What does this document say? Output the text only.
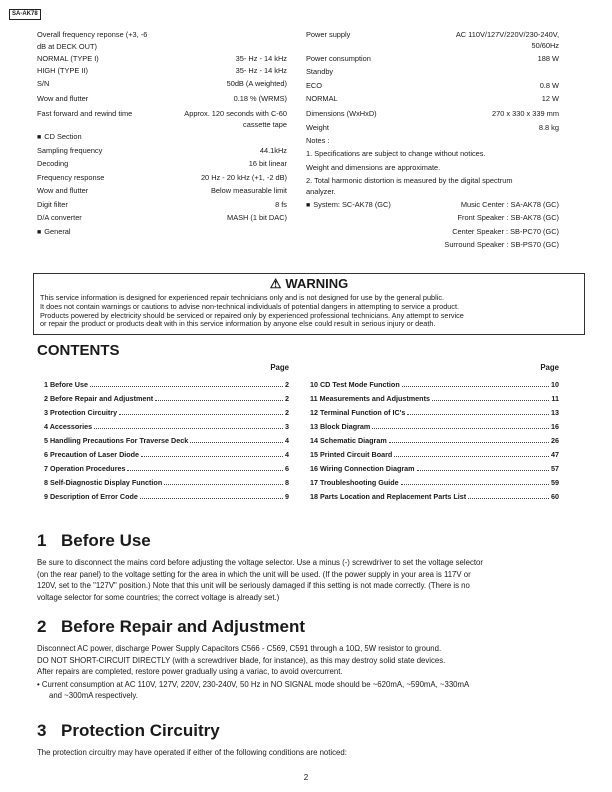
SA-AK78
Overall frequency reponse (+3, -6
dB at DECK OUT)
NORMAL (TYPE I)	35- Hz - 14 kHz
HIGH (TYPE II)	35- Hz - 14 kHz
S/N	50dB (A weighted)
Wow and flutter	0.18 % (WRMS)
Fast forward and rewind time	Approx. 120 seconds with C-60
cassette tape
■ CD Section
Sampling frequency	44.1kHz
Decoding	16 bit linear
Frequency response	20 Hz - 20 kHz (+1, -2 dB)
Wow and flutter	Below measurable limit
Digit filter	8 fs
D/A converter	MASH (1 bit DAC)
■ General
Power supply	AC 110V/127V/220V/230-240V,
50/60Hz
Power consumption	188 W
Standby
ECO	0.8 W
NORMAL	12 W
Dimensions (WxHxD)	270 x 330 x 339 mm
Weight	8.8 kg
Notes :
1. Specifications are subject to change without notices.
Weight and dimensions are approximate.
2. Total harmonic distortion is measured by the digital spectrum
analyzer.
■ System: SC-AK78 (GC)	Music Center : SA-AK78 (GC)
Front Speaker : SB-AK78 (GC)
Center Speaker : SB-PC70 (GC)
Surround Speaker : SB-PS70 (GC)
⚠ WARNING
This service information is designed for experienced repair technicians only and is not designed for use by the general public.
It does not contain warnings or cautions to advise non-technical individuals of potential dangers in attempting to service a product.
Products powered by electricity should be serviced or repaired only by experienced professional technicians. Any attempt to service
or repair the product or products dealt with in this service information by anyone else could result in serious injury or death.
CONTENTS
Page	Page
1 Before Use	2
2 Before Repair and Adjustment	2
3 Protection Circuitry	2
4 Accessories	3
5 Handling Precautions For Traverse Deck	4
6 Precaution of Laser Diode	4
7 Operation Procedures	6
8 Self-Diagnostic Display Function	8
9 Description of Error Code	9
10 CD Test Mode Function	10
11 Measurements and Adjustments	11
12 Terminal Function of IC's	13
13 Block Diagram	16
14 Schematic Diagram	26
15 Printed Circuit Board	47
16 Wiring Connection Diagram	57
17 Troubleshooting Guide	59
18 Parts Location and Replacement Parts List	60
1 Before Use
Be sure to disconnect the mains cord before adjusting the voltage selector. Use a minus (-) screwdriver to set the voltage selector
(on the rear panel) to the voltage setting for the area in which the unit will be used. (If the power supply in your area is 117V or
120V, set to the "127V" position.) Note that this unit will be seriously damaged if this setting is not made correctly. (There is no
voltage selector for some countries; the correct voltage is already set.)
2 Before Repair and Adjustment
Disconnect AC power, discharge Power Supply Capacitors C566 - C569, C591 through a 10Ω, 5W resistor to ground.
DO NOT SHORT-CIRCUIT DIRECTLY (with a screwdriver blade, for instance), as this may destroy solid state devices.
After repairs are completed, restore power gradually using a variac, to avoid overcurrent.
• Current consumption at AC 110V, 127V, 220V, 230-240V, 50 Hz in NO SIGNAL mode should be ~620mA, ~590mA, ~330mA
and ~300mA respectively.
3 Protection Circuitry
The protection circuitry may have operated if either of the following conditions are noticed:
2
